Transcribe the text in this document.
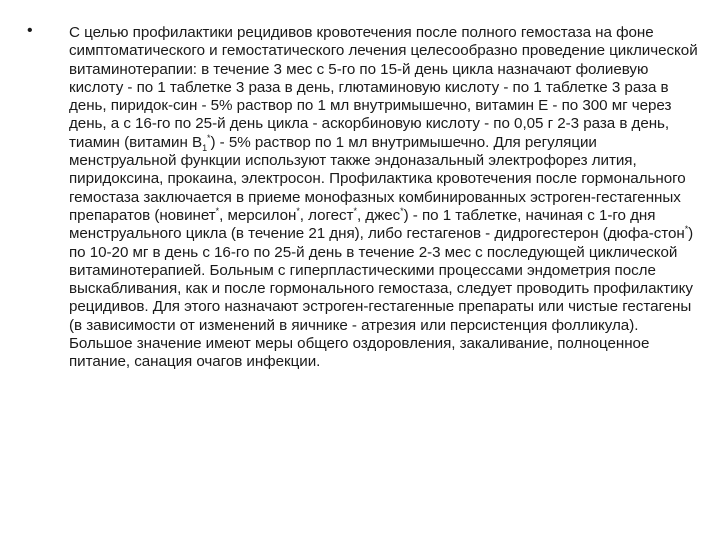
• С целью профилактики рецидивов кровотечения после полного гемостаза на фоне симптоматического и гемостатического лечения целесообразно проведение циклической витаминотерапии: в течение 3 мес с 5-го по 15-й день цикла назначают фолиевую кислоту - по 1 таблетке 3 раза в день, глютаминовую кислоту - по 1 таблетке 3 раза в день, пиридок-син - 5% раствор по 1 мл внутримышечно, витамин Е - по 300 мг через день, а с 16-го по 25-й день цикла - аскорбиновую кислоту - по 0,05 г 2-3 раза в день, тиамин (витамин $В_1^*) - 5\%$ раствор по 1 мл внутримышечно. Для регуляции менструальной функции используют также эндоназальный электрофорез лития, пиридоксина, прокаина, электросон. Профилактика кровотечения после гормонального гемостаза заключается в приеме монофазных комбинированных эстроген-гестагенных препаратов (новинет*, мерсилон*, логест*, джес*) - по 1 таблетке, начиная с 1-го дня менструального цикла (в течение 21 дня), либо гестагенов - дидрогестерон (дюфа-стон*) по 10-20 мг в день с 16-го по 25-й день в течение 2-3 мес с последующей циклической витаминотерапией. Больным с гиперпластическими процессами эндометрия после выскабливания, как и после гормонального гемостаза, следует проводить профилактику рецидивов. Для этого назначают эстроген-гестагенные препараты или чистые гестагены (в зависимости от изменений в яичнике - атрезия или персистенция фолликула). Большое значение имеют меры общего оздоровления, закаливание, полноценное питание, санация очагов инфекции.
